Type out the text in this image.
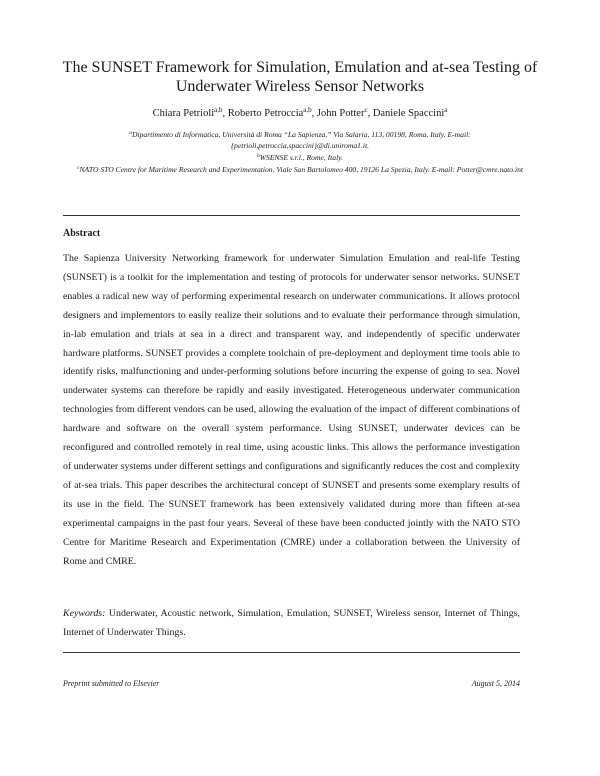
The SUNSET Framework for Simulation, Emulation and at-sea Testing of
Underwater Wireless Sensor Networks
Chiara Petrioli$^{a,b}$, Roberto Petroccia$^{a,b}$, John Potter$^c$, Daniele Spaccini$^a$

$^a$Dipartimento di Informatica, Università di Roma “La Sapienza,” Via Salaria, 113, 00198, Roma, Italy. E-mail: {petrioli,petroccia,spaccini}@di.uniroma1.it.

$^b$WSENSE s.r.l., Rome, Italy.

$^c$NATO STO Centre for Maritime Research and Experimentation, Viale San Bartolomeo 400, 19126 La Spezia, Italy. E-mail: Potter@cmre.nato.int

Abstract

The Sapienza University Networking framework for underwater Simulation Emulation and real-life Testing (SUNSET) is a toolkit for the implementation and testing of protocols for underwater sensor networks. SUNSET enables a radical new way of performing experimental research on underwater communications. It allows protocol designers and implementors to easily realize their solutions and to evaluate their performance through simulation, in-lab emulation and trials at sea in a direct and transparent way, and independently of specific underwater hardware platforms. SUNSET provides a complete toolchain of pre-deployment and deployment time tools able to identify risks, malfunctioning and under-performing solutions before incurring the expense of going to sea. Novel underwater systems can therefore be rapidly and easily investigated. Heterogeneous underwater communication technologies from different vendors can be used, allowing the evaluation of the impact of different combinations of hardware and software on the overall system performance. Using SUNSET, underwater devices can be reconfigured and controlled remotely in real time, using acoustic links. This allows the performance investigation of underwater systems under different settings and configurations and significantly reduces the cost and complexity of at-sea trials. This paper describes the architectural concept of SUNSET and presents some exemplary results of its use in the field. The SUNSET framework has been extensively validated during more than fifteen at-sea experimental campaigns in the past four years. Several of these have been conducted jointly with the NATO STO Centre for Maritime Research and Experimentation (CMRE) under a collaboration between the University of Rome and CMRE.

Keywords: Underwater, Acoustic network, Simulation, Emulation, SUNSET, Wireless sensor, Internet of Things, Internet of Underwater Things.
Preprint submitted to Elsevier	August 5, 2014
